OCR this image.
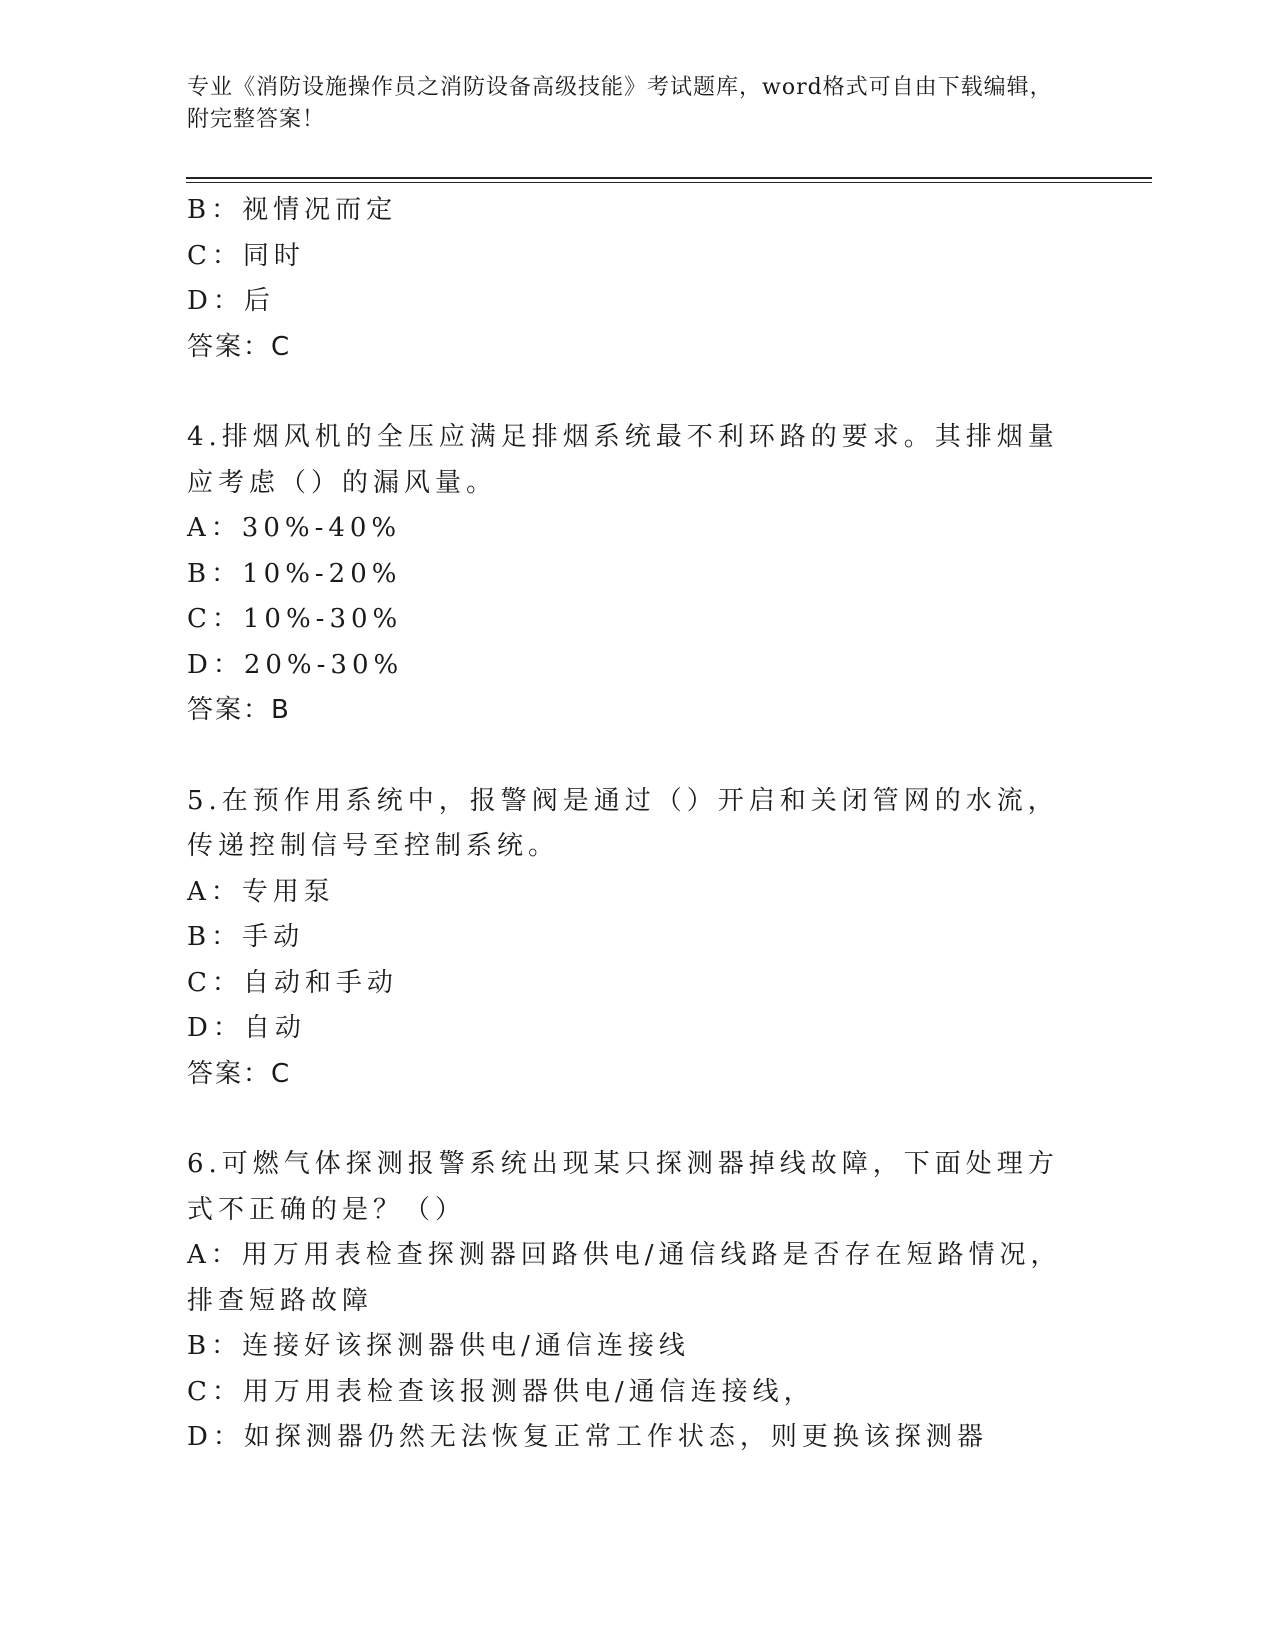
专业《消防设施操作员之消防设备高级技能》考试题库，word格式可自由下载编辑，附完整答案！
B：视情况而定
C：同时
D：后
答案：C
4.排烟风机的全压应满足排烟系统最不利环路的要求。其排烟量应考虑（）的漏风量。
A：30%-40%
B：10%-20%
C：10%-30%
D：20%-30%
答案：B
5.在预作用系统中，报警阀是通过（）开启和关闭管网的水流，传递控制信号至控制系统。
A：专用泵
B：手动
C：自动和手动
D：自动
答案：C
6.可燃气体探测报警系统出现某只探测器掉线故障，下面处理方式不正确的是？（）
A：用万用表检查探测器回路供电/通信线路是否存在短路情况，排查短路故障
B：连接好该探测器供电/通信连接线
C：用万用表检查该报测器供电/通信连接线，
D：如探测器仍然无法恢复正常工作状态，则更换该探测器
